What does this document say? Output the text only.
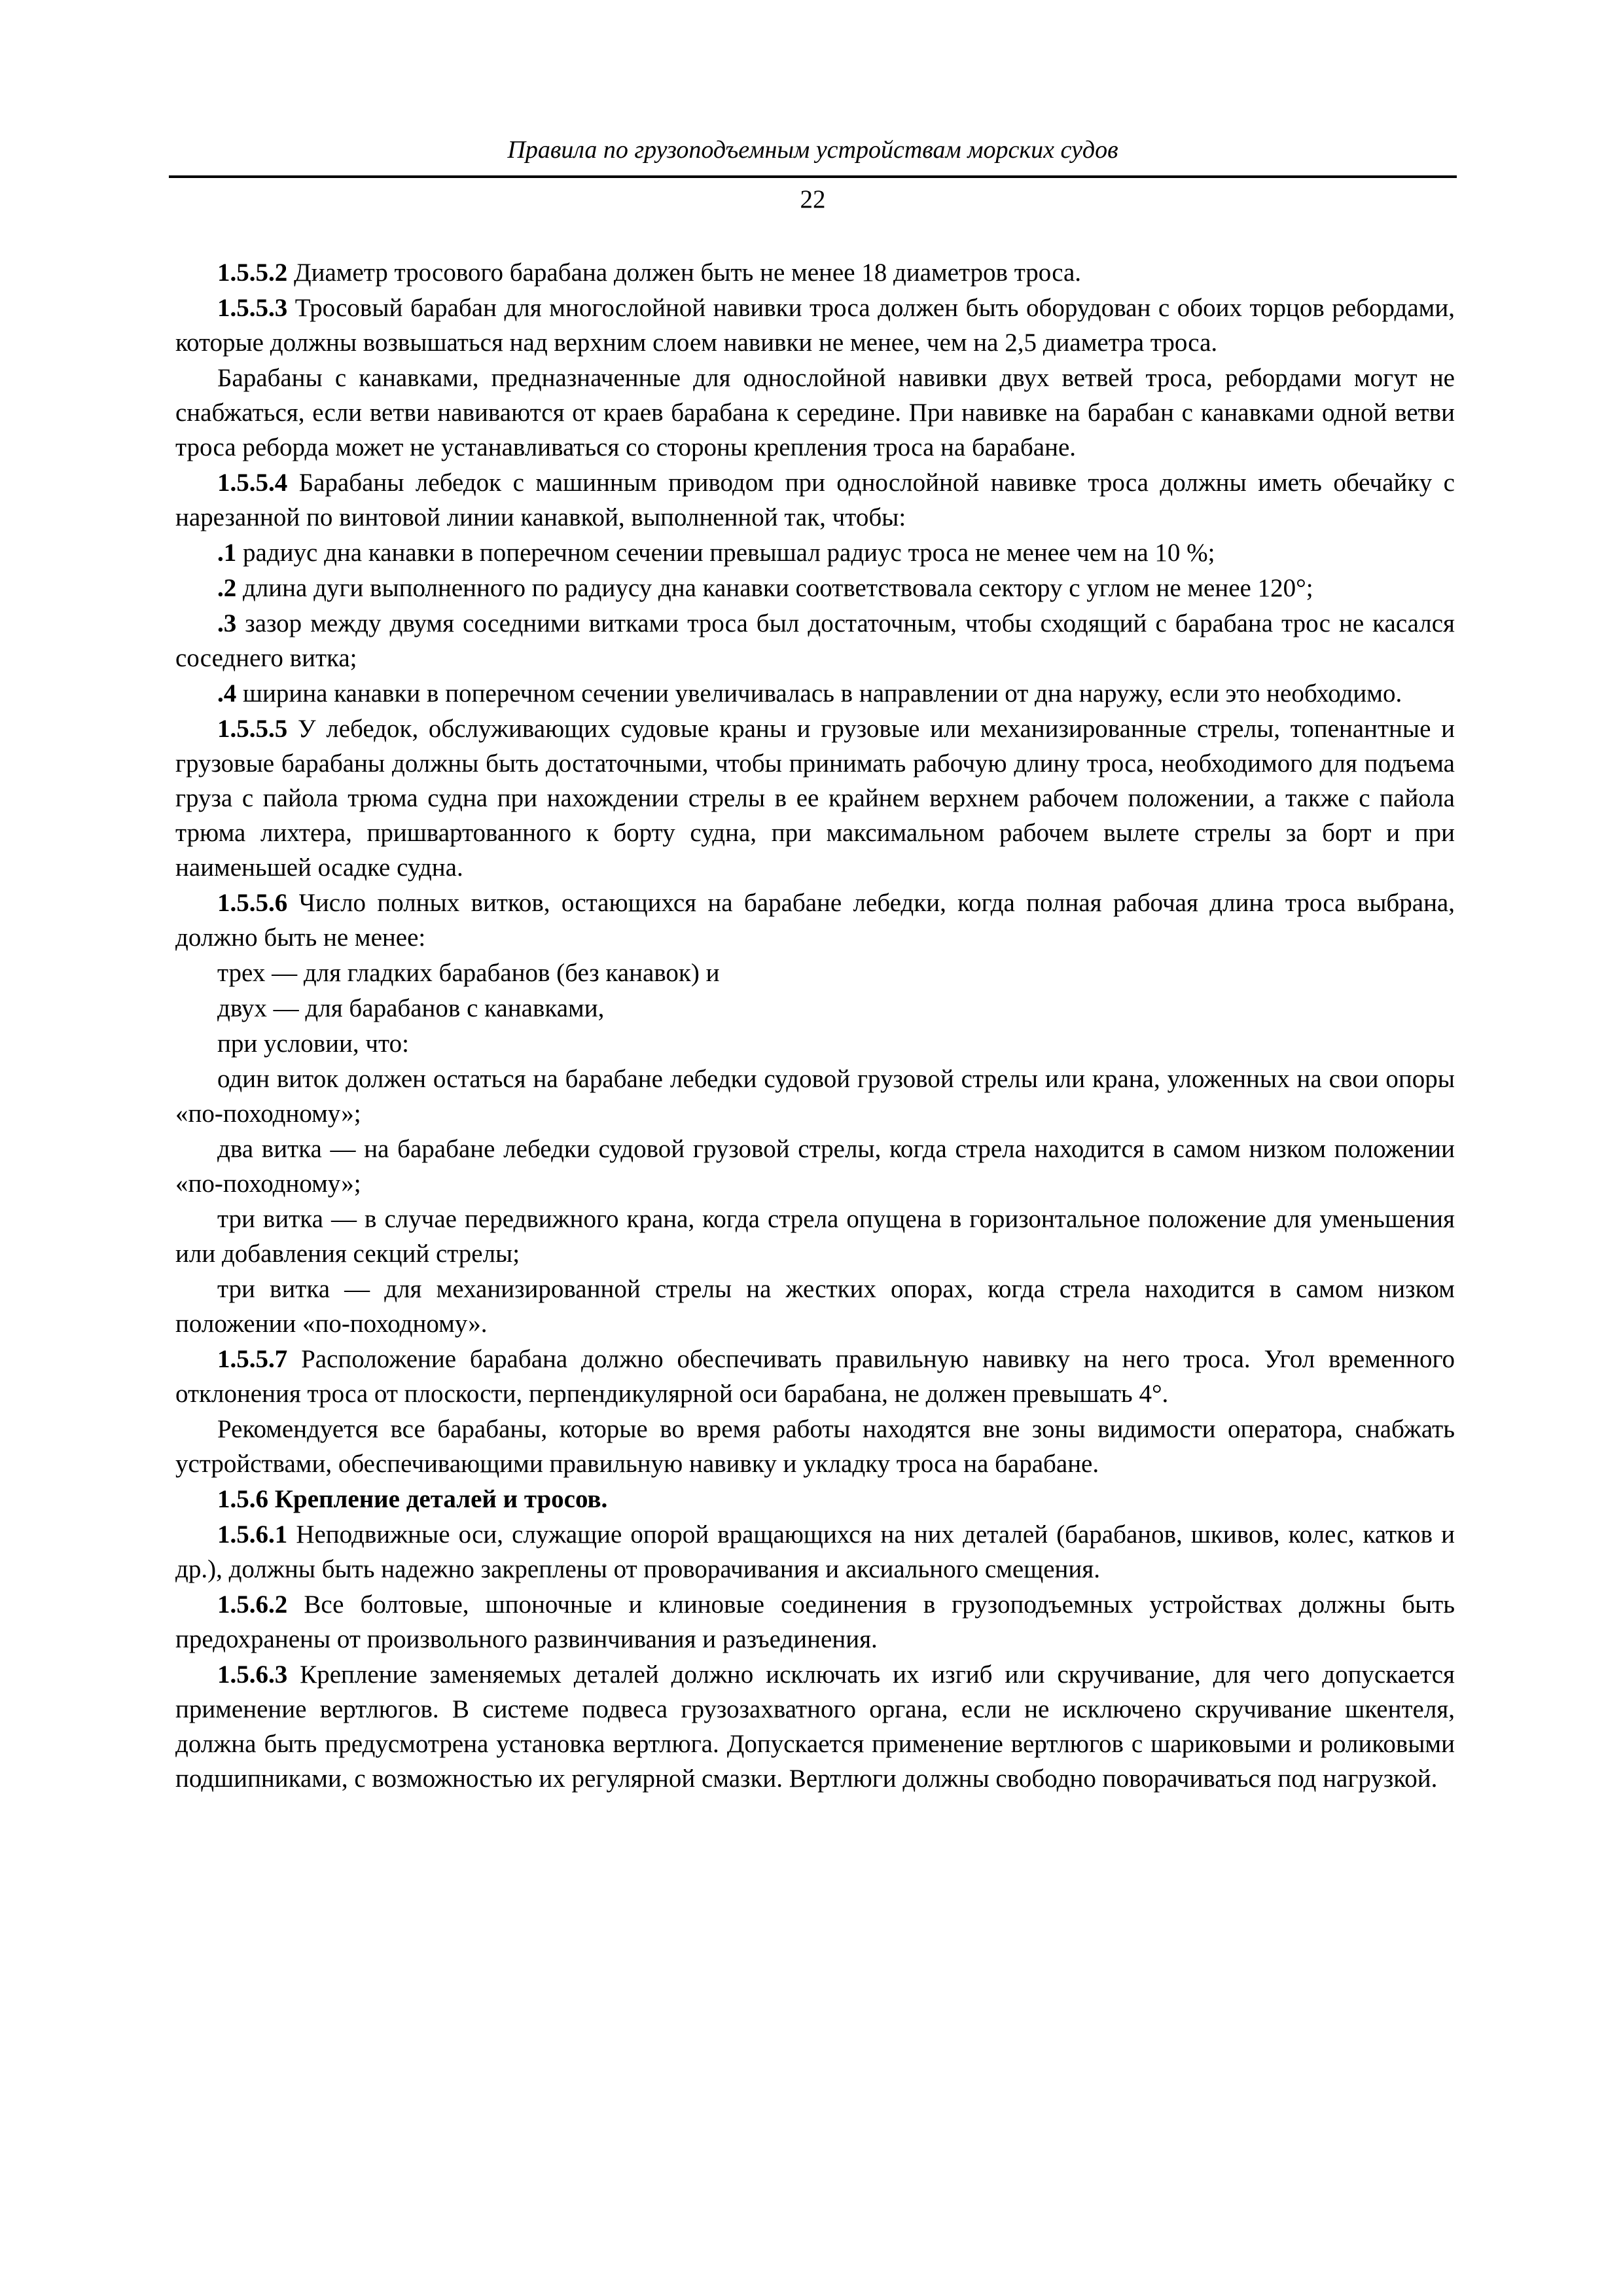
Правила по грузоподъемным устройствам морских судов
22

1.5.5.2 Диаметр тросового барабана должен быть не менее 18 диаметров троса.

1.5.5.3 Тросовый барабан для многослойной навивки троса должен быть оборудован с обоих торцов ребордами, которые должны возвышаться над верхним слоем навивки не менее, чем на 2,5 диаметра троса.

Барабаны с канавками, предназначенные для однослойной навивки двух ветвей троса, ребордами могут не снабжаться, если ветви навиваются от краев барабана к середине. При навивке на барабан с канавками одной ветви троса реборда может не устанавливаться со стороны крепления троса на барабане.

1.5.5.4 Барабаны лебедок с машинным приводом при однослойной навивке троса должны иметь обечайку с нарезанной по винтовой линии канавкой, выполненной так, чтобы:

.1 радиус дна канавки в поперечном сечении превышал радиус троса не менее чем на 10 %;

.2 длина дуги выполненного по радиусу дна канавки соответствовала сектору с углом не менее 120°;

.3 зазор между двумя соседними витками троса был достаточным, чтобы сходящий с барабана трос не касался соседнего витка;

.4 ширина канавки в поперечном сечении увеличивалась в направлении от дна наружу, если это необходимо.

1.5.5.5 У лебедок, обслуживающих судовые краны и грузовые или механизированные стрелы, топенантные и грузовые барабаны должны быть достаточными, чтобы принимать рабочую длину троса, необходимого для подъема груза с пайола трюма судна при нахождении стрелы в ее крайнем верхнем рабочем положении, а также с пайола трюма лихтера, пришвартованного к борту судна, при максимальном рабочем вылете стрелы за борт и при наименьшей осадке судна.

1.5.5.6 Число полных витков, остающихся на барабане лебедки, когда полная рабочая длина троса выбрана, должно быть не менее:

трех — для гладких барабанов (без канавок) и

двух — для барабанов с канавками,

при условии, что:

один виток должен остаться на барабане лебедки судовой грузовой стрелы или крана, уложенных на свои опоры «по-походному»;

два витка — на барабане лебедки судовой грузовой стрелы, когда стрела находится в самом низком положении «по-походному»;

три витка — в случае передвижного крана, когда стрела опущена в горизонтальное положение для уменьшения или добавления секций стрелы;

три витка — для механизированной стрелы на жестких опорах, когда стрела находится в самом низком положении «по-походному».

1.5.5.7 Расположение барабана должно обеспечивать правильную навивку на него троса. Угол временного отклонения троса от плоскости, перпендикулярной оси барабана, не должен превышать 4°.

Рекомендуется все барабаны, которые во время работы находятся вне зоны видимости оператора, снабжать устройствами, обеспечивающими правильную навивку и укладку троса на барабане.

1.5.6 Крепление деталей и тросов.

1.5.6.1 Неподвижные оси, служащие опорой вращающихся на них деталей (барабанов, шкивов, колес, катков и др.), должны быть надежно закреплены от проворачивания и аксиального смещения.

1.5.6.2 Все болтовые, шпоночные и клиновые соединения в грузоподъемных устройствах должны быть предохранены от произвольного развинчивания и разъединения.

1.5.6.3 Крепление заменяемых деталей должно исключать их изгиб или скручивание, для чего допускается применение вертлюгов. В системе подвеса грузозахватного органа, если не исключено скручивание шкентеля, должна быть предусмотрена установка вертлюга. Допускается применение вертлюгов с шариковыми и роликовыми подшипниками, с возможностью их регулярной смазки. Вертлюги должны свободно поворачиваться под нагрузкой.
